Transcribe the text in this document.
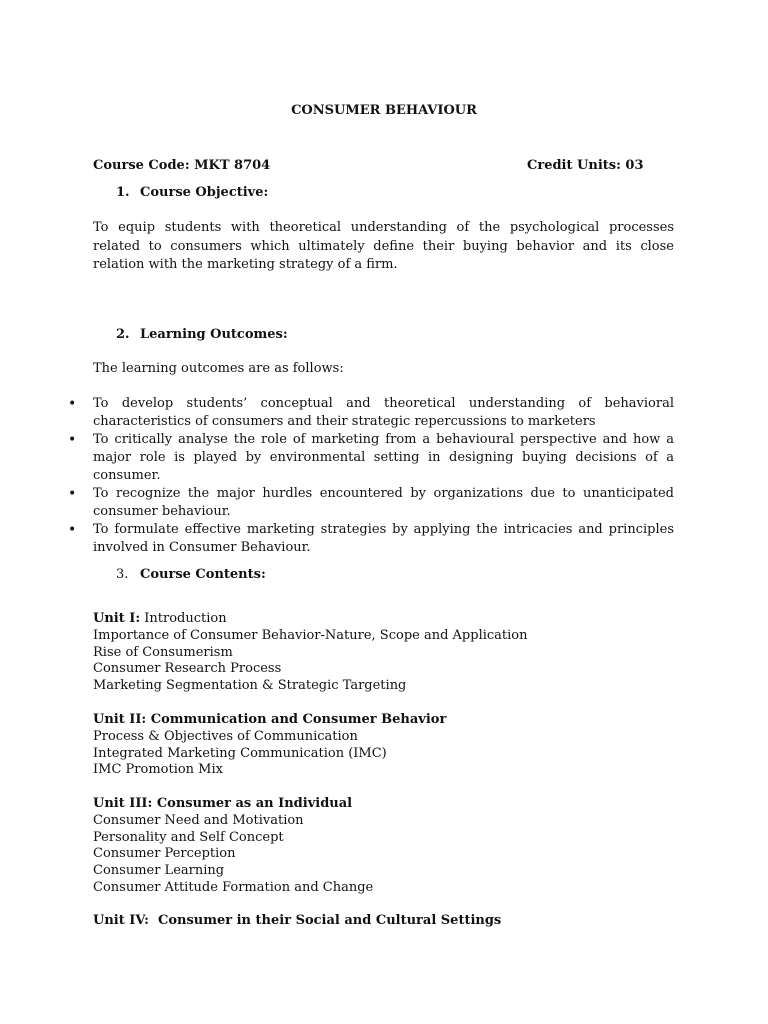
CONSUMER BEHAVIOUR
Course Code: MKT 8704	Credit Units: 03
1. Course Objective:
To equip students with theoretical understanding of the psychological processes related to consumers which ultimately define their buying behavior and its close relation with the marketing strategy of a firm.
2. Learning Outcomes:
The learning outcomes are as follows:
• To develop students’ conceptual and theoretical understanding of behavioral characteristics of consumers and their strategic repercussions to marketers
• To critically analyse the role of marketing from a behavioural perspective and how a major role is played by environmental setting in designing buying decisions of a consumer.
• To recognize the major hurdles encountered by organizations due to unanticipated consumer behaviour.
• To formulate effective marketing strategies by applying the intricacies and principles involved in Consumer Behaviour.
3. Course Contents:
Unit I: Introduction
Importance of Consumer Behavior-Nature, Scope and Application
Rise of Consumerism
Consumer Research Process
Marketing Segmentation & Strategic Targeting
Unit II: Communication and Consumer Behavior
Process & Objectives of Communication
Integrated Marketing Communication (IMC)
IMC Promotion Mix
Unit III: Consumer as an Individual
Consumer Need and Motivation
Personality and Self Concept
Consumer Perception
Consumer Learning
Consumer Attitude Formation and Change
Unit IV:  Consumer in their Social and Cultural Settings
